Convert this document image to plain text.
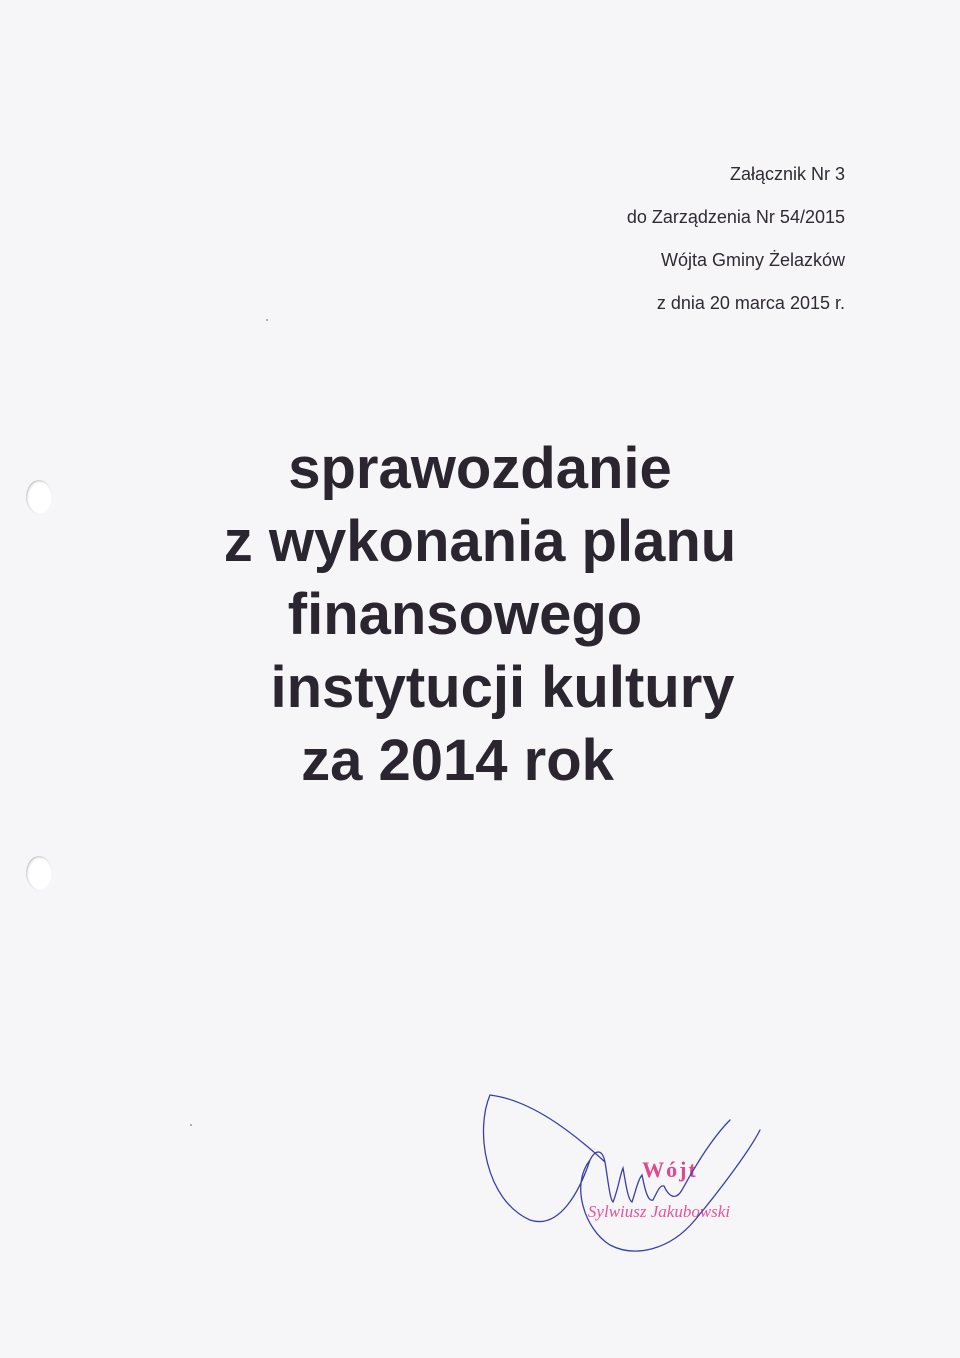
Załącznik Nr 3
do Zarządzenia Nr 54/2015
Wójta Gminy Żelazków
z dnia 20 marca 2015 r.
sprawozdanie
z wykonania planu
finansowego
instytucji kultury
za 2014 rok
Wójt
Sylwiusz Jakubowski
